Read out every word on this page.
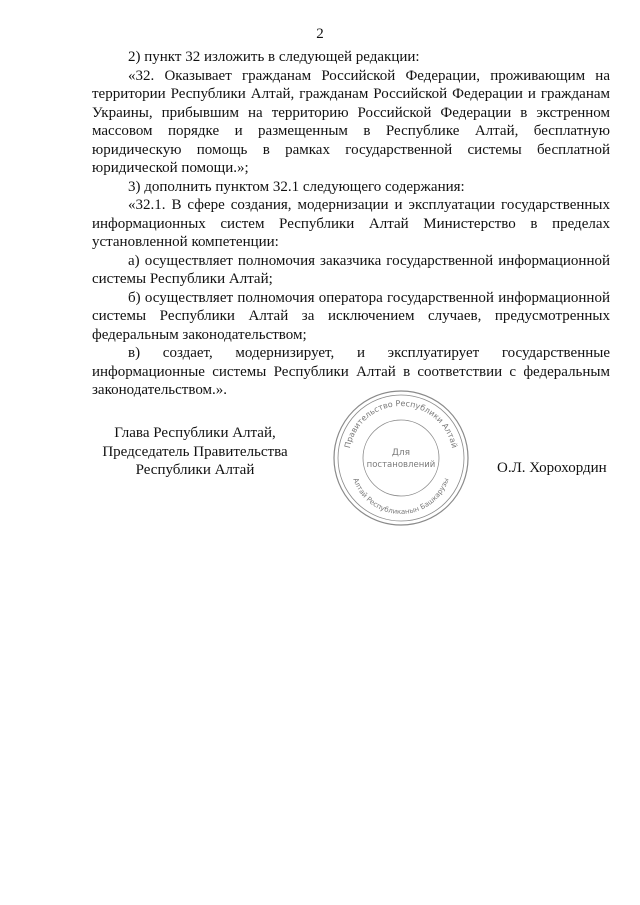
2

2) пункт 32 изложить в следующей редакции:

«32. Оказывает гражданам Российской Федерации, проживающим на территории Республики Алтай, гражданам Российской Федерации и гражданам Украины, прибывшим на территорию Российской Федерации в экстренном массовом порядке и размещенным в Республике Алтай, бесплатную юридическую помощь в рамках государственной системы бесплатной юридической помощи.»;

3) дополнить пунктом 32.1 следующего содержания:

«32.1. В сфере создания, модернизации и эксплуатации государственных информационных систем Республики Алтай Министерство в пределах установленной компетенции:

а) осуществляет полномочия заказчика государственной информационной системы Республики Алтай;

б) осуществляет полномочия оператора государственной информационной системы Республики Алтай за исключением случаев, предусмотренных федеральным законодательством;

в) создает, модернизирует, и эксплуатирует государственные информационные системы Республики Алтай в соответствии с федеральным законодательством.».

Глава Республики Алтай,
Председатель Правительства
Республики Алтай
Правительство Республики Алтай
Алтай Республиканын Башкарузы
Для
постановлений	О.Л. Хорохордин
